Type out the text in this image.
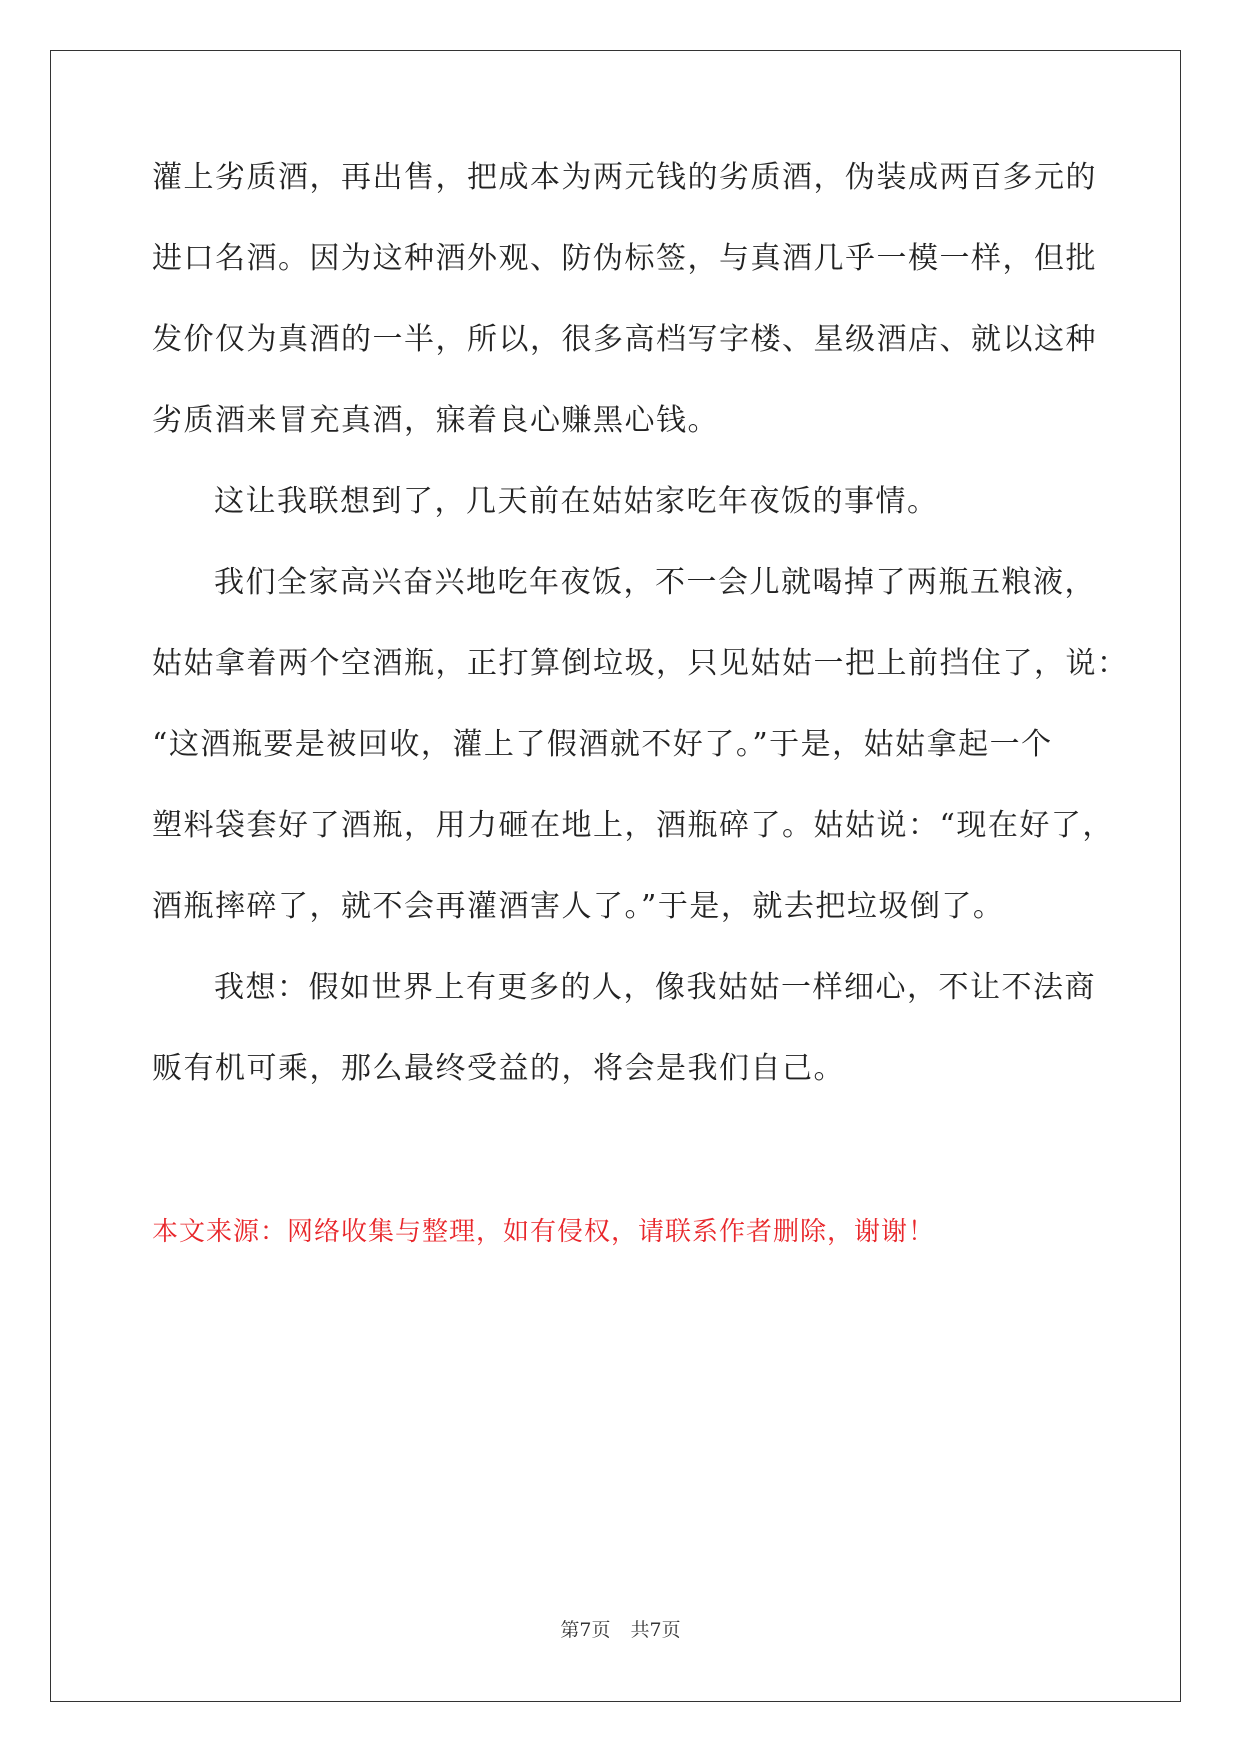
灌上劣质酒，再出售，把成本为两元钱的劣质酒，伪装成两百多元的
进口名酒。因为这种酒外观、防伪标签，与真酒几乎一模一样，但批
发价仅为真酒的一半，所以，很多高档写字楼、星级酒店、就以这种
劣质酒来冒充真酒，寐着良心赚黑心钱。
这让我联想到了，几天前在姑姑家吃年夜饭的事情。
我们全家高兴奋兴地吃年夜饭，不一会儿就喝掉了两瓶五粮液，
姑姑拿着两个空酒瓶，正打算倒垃圾，只见姑姑一把上前挡住了，说：
“这酒瓶要是被回收，灌上了假酒就不好了。”于是，姑姑拿起一个
塑料袋套好了酒瓶，用力砸在地上，酒瓶碎了。姑姑说：“现在好了，
酒瓶摔碎了，就不会再灌酒害人了。”于是，就去把垃圾倒了。
我想：假如世界上有更多的人，像我姑姑一样细心，不让不法商
贩有机可乘，那么最终受益的，将会是我们自己。
本文来源：网络收集与整理，如有侵权，请联系作者删除，谢谢！
第7页 共7页
